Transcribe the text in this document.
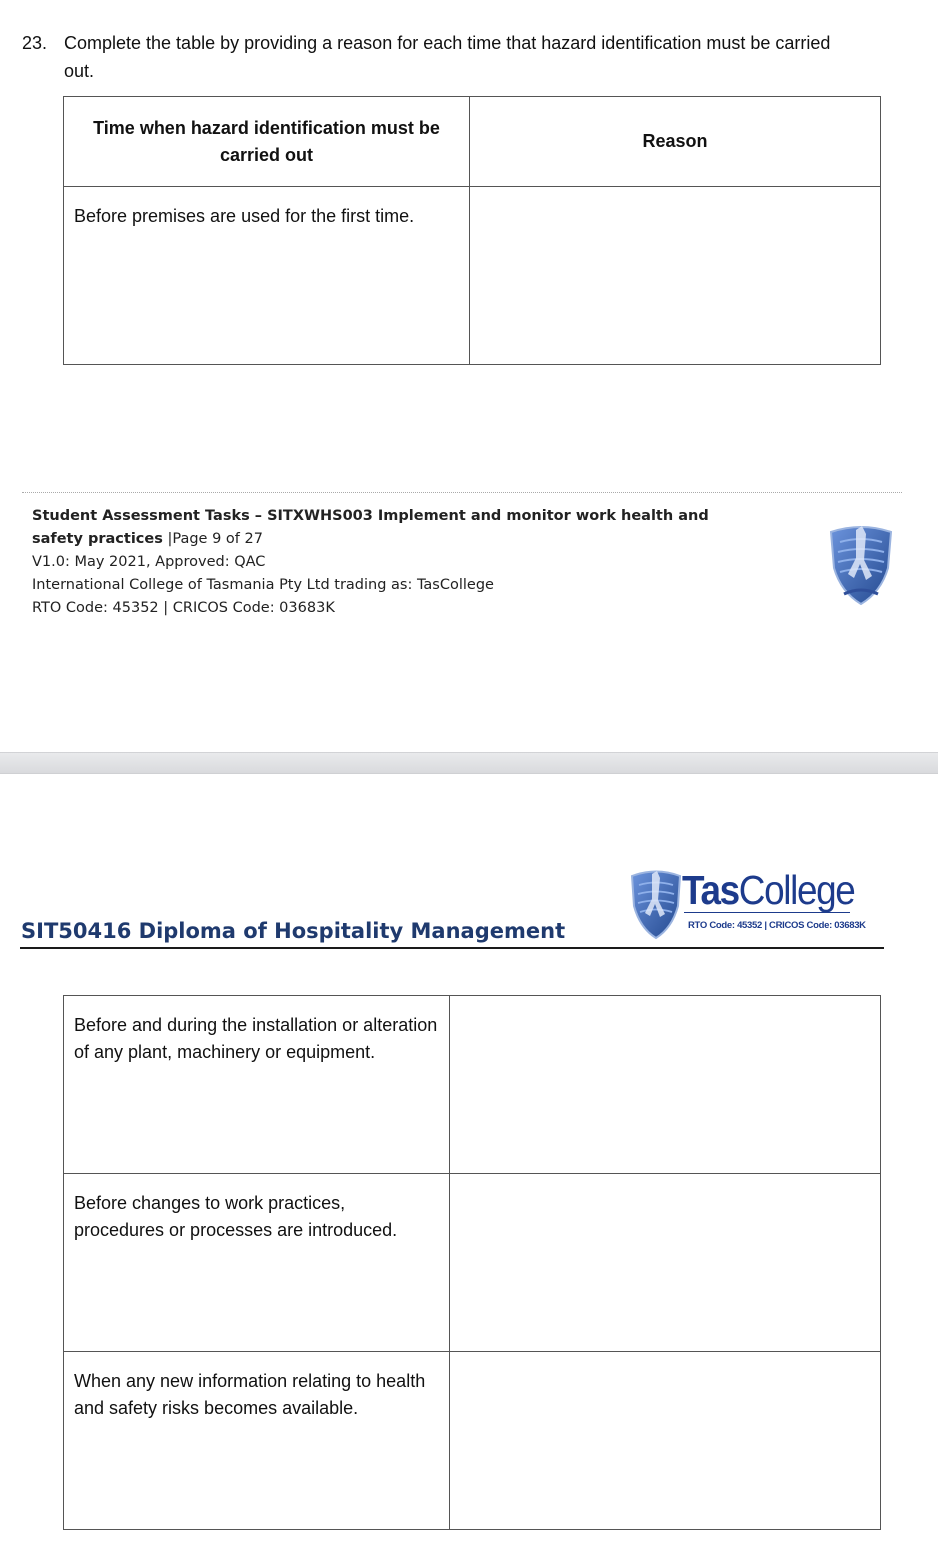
23. Complete the table by providing a reason for each time that hazard identification must be carried out.
Time when hazard identification must be carried out	Reason
Before premises are used for the first time.	
Student Assessment Tasks – SITXWHS003 Implement and monitor work health and safety practices |Page 9 of 27
V1.0: May 2021, Approved: QAC
International College of Tasmania Pty Ltd trading as: TasCollege
RTO Code: 45352 | CRICOS Code: 03683K
TasCollege
RTO Code: 45352 | CRICOS Code: 03683K
SIT50416 Diploma of Hospitality Management
Before and during the installation or alteration of any plant, machinery or equipment.	
Before changes to work practices, procedures or processes are introduced.	
When any new information relating to health and safety risks becomes available.	
